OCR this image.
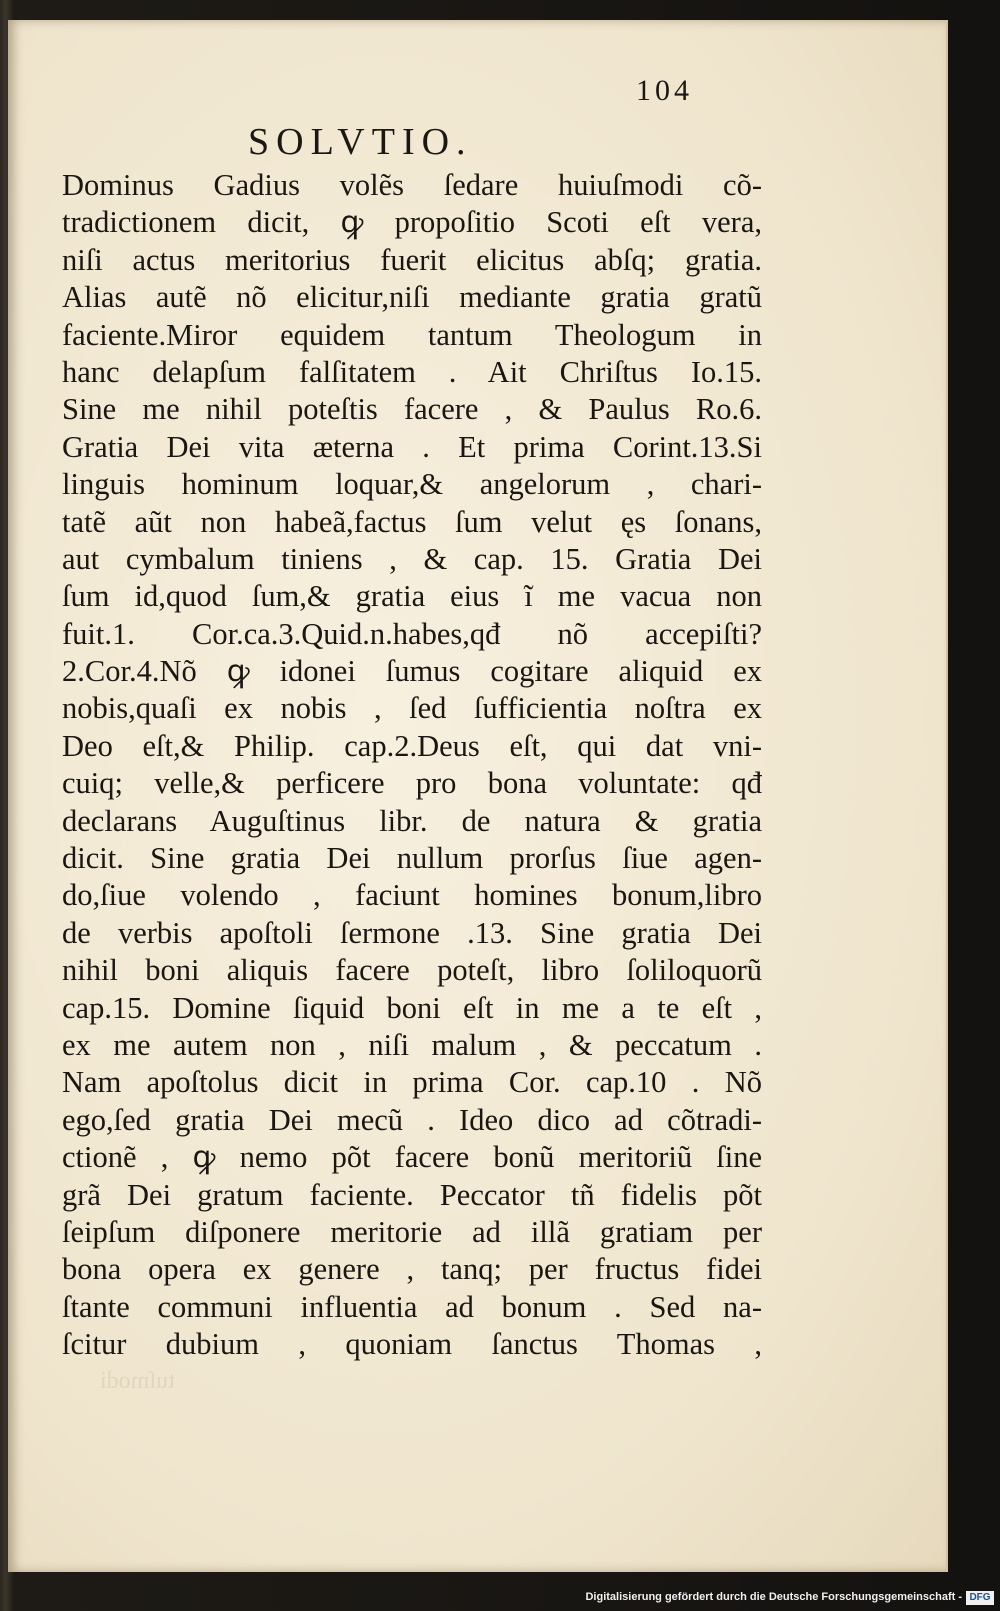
104
SOLVTIO.
Dominus Gadius volẽs ſedare huiuſmodi cõ-
tradictionem dicit, ꝙ propoſitio Scoti eſt vera,
niſi actus meritorius fuerit elicitus abſq; gratia.
Alias autẽ nõ elicitur,niſi mediante gratia gratũ
faciente.Miror equidem tantum Theologum in
hanc delapſum falſitatem . Ait Chriſtus Io.15.
Sine me nihil poteſtis facere , & Paulus Ro.6.
Gratia Dei vita æterna . Et prima Corint.13.Si
linguis hominum loquar,& angelorum , chari-
tatẽ aũt non habeã,factus ſum velut ęs ſonans,
aut cymbalum tiniens , & cap. 15. Gratia Dei
ſum id,quod ſum,& gratia eius ĩ me vacua non
fuit.1. Cor.ca.3.Quid.n.habes,qđ nõ accepiſti?
2.Cor.4.Nõ ꝙ idonei ſumus cogitare aliquid ex
nobis,quaſi ex nobis , ſed ſufficientia noſtra ex
Deo eſt,& Philip. cap.2.Deus eſt, qui dat vni-
cuiq; velle,& perficere pro bona voluntate: qđ
declarans Auguſtinus libr. de natura & gratia
dicit. Sine gratia Dei nullum prorſus ſiue agen-
do,ſiue volendo , faciunt homines bonum,libro
de verbis apoſtoli ſermone .13. Sine gratia Dei
nihil boni aliquis facere poteſt, libro ſoliloquorũ
cap.15. Domine ſiquid boni eſt in me a te eſt ,
ex me autem non , niſi malum , & peccatum .
Nam apoſtolus dicit in prima Cor. cap.10 . Nõ
ego,ſed gratia Dei mecũ . Ideo dico ad cõtradi-
ctionẽ , ꝙ nemo põt facere bonũ meritoriũ ſine
grã Dei gratum faciente. Peccator tñ fidelis põt
ſeipſum diſponere meritorie ad illã gratiam per
bona opera ex genere , tanq; per fructus fidei
ſtante communi influentia ad bonum . Sed na-
ſcitur dubium , quoniam ſanctus Thomas ,
tuſmodi
Digitalisierung gefördert durch die Deutsche Forschungsgemeinschaft - DFG
